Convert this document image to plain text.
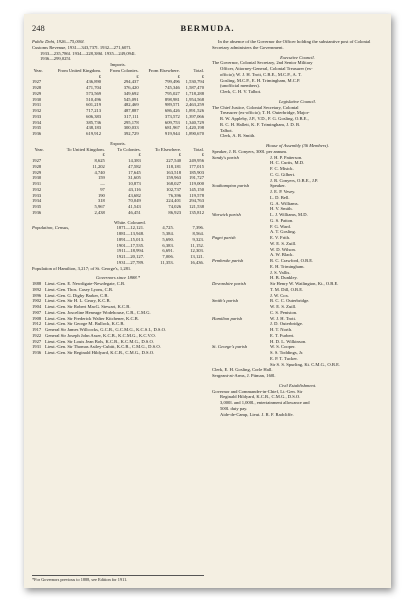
248	BERMUDA.
Public Debt, 1926—75,000l.
Customs Revenue, 1931—343,737l. 1932—271,607l.
1933—235,786l. 1934—228,386l. 1935—249,094l.
1936—299,025l.
Imports.
Year.	From United Kingdom.	From Colonies.	From Elsewhere.	Total.
	£	£	£	£
1927	436,890	294,437	799,496	1,530,794
1928	471,704	376,420	745,346	1,587,470
1929	573,569	349,692	795,027	1,718,288
1930	510,496	545,091	898,981	1,954,568
1931	601,219	482,469	989,571	2,463,259
1932	717,213	487,887	686,426	1,891,526
1933	606,383	317,111	373,572	1,397,066
1934	385,736	295,178	609,753	1,340,729
1935	438,183	300,033	681,967	1,420,198
1936	619,912	392,729	919,944	1,890,670
Exports.
Year.	To United Kingdom.	To Colonies.	To Elsewhere.	Total.
	£	£	£	£
1927	8,625	14,383	227,540	249,956
1928	11,202	47,582	118,181	177,015
1929	4,740	17,645	163,518	185,903
1930	159	31,605	159,963	191,727
1931	—	10,873	168,027	119,000
1932	97	43,116	102,737	145,150
1933	190	43,682	76,396	119,578
1934	318	70,049	224,401	294,763
1935	5,967	41,543	74,026	121,538
1936	2,438	46,451	86,923	135,812
White. Coloured.
Population, Census,	1871—12,121.	4,725.	7,396.
	1881—13,948.	5,384.	8,564.
	1891—15,013.	5,690.	9,323.
	1901—17,535.	6,383.	11,152.
	1911—18,994.	6,691.	12,303.
	1921—20,127.	7,006.	13,121.
	1931—27,789.	11,353.	16,436.
Population of Hamilton, 3,217; of St. George's, 1,281.
Governors since 1888.*
1888	Lieut.-Gen. E. Newdigate-Newdegate, C.B.
1892	Lieut.-Gen. Thos. Casey Lyons, C.B.
1896	Lieut.-Gen. G. Digby Barker, C.B.
1902	Lieut.-Gen. Sir H. L. Geary, K.C.B.
1904	Lieut.-Gen. Sir Robert MacG. Stewart, K.C.B.
1907	Lieut.-Gen. Josceline Heneage Wodehouse, C.B., C.M.G.
1908	Lieut.-Gen. Sir Frederick Walter Kitchener, K.C.B.
1912	Lieut.-Gen. Sir George M. Bullock, K.C.B.
1917	General Sir James Willcocks, G.C.B., G.C.M.G., K.C.S.I., D.S.O.
1922	General Sir Joseph John Asser, K.C.B., K.C.M.G., K.C.V.O.
1927	Lieut.-Gen. Sir Louis Jean Bols, K.C.B., K.C.M.G., D.S.O.
1931	Lieut.-Gen. Sir Thomas Astley-Cubitt, K.C.B., C.M.G., D.S.O.
1936	Lieut.-Gen. Sir Reginald Hildyard, K.C.B., C.M.G., D.S.O.
*For Governors previous to 1888, see Edition for 1911.
In the absence of the Governor the Officer holding the substantive post of Colonial Secretary administers the Government.
Executive Council.
The Governor, Colonial Secretary, 2nd Senior Military
Officer, Attorney-General, Colonial Treasurer (ex-
officio); W. J. H. Trott, C.B.E., M.C.P., A. T.
Gosling, M.C.P., E. H. Trimingham, M.C.P.
(unofficial members).
Clerk, C. H. V. Talbot.
Legislative Council.
The Chief Justice, Colonial Secretary, Colonial
Treasurer (ex-officio); T. H. Outerbridge, Major-
R. W. Appleby, J.P., V.D., F. G. Gosling, O.B.E.,
R. C. H. Hallett, K. F. Trimingham, J. D. B.
Talbot.
Clerk, A. B. Smith.
House of Assembly (36 Members).
Speaker, J. R. Conyers, 300l. per annum.
Sandy's parish	J. H. P. Patterson.
	H. C. Curtis, M.D.
	F. C. Misick.
	C. G. Gilbert.
	J. R. Conyers, O.B.E., J.P.
Southampton parish	Speaker.
	J. E. P. Vesey.
	L. D. Bell.
	G. A. Williams.
	H. V. Smith.
Warwick parish	L. J. Williams, M.D.
	G. S. Patton.
	F. G. Ward.
	A. T. Gosling.
Paget parish	E. V. Frith.
	W. E. S. Zuill.
	W. D. Wilson.
	A. W. Black.
Pembroke parish	R. C. Crawford, O.B.E.
	E. H. Trimingham.
	J. S. Vallis.
	H. B. Dunkley.
Devonshire parish	Sir Henry W. Watlington, Kt., O.B.E.
	T. M. Dill, O.B.E.
	J. W. Cox.
Smith's parish	B. C. C. Outerbridge.
	W. E. S. Zuill.
	C. S. Peniston.
Hamilton parish	W. J. H. Trott.
	J. D. Outerbridge.
	H. T. North.
	E. T. Furbert.
	H. D. L. Wilkinson.
St. George's parish	W. S. Cooper.
	S. S. Toddings, Jr.
	E. P. T. Tucker.
	Sir S. S. Spurling, Kt. C.M.G., O.B.E.
Clerk, E. H. Gosling, Corle Hall.
Sergeant-at-Arms, J. Pitman, 160l.
Civil Establishment.
Governor and Commander-in-Chief, Lt.-Gen. Sir
Reginald Hildyard, K.C.B., C.M.G., D.S.O.
3,000l. and 1,000l., entertainment allowance and
500l. duty pay.
Aide-de-Camp, Lieut. J. R. F. Radcliffe.
